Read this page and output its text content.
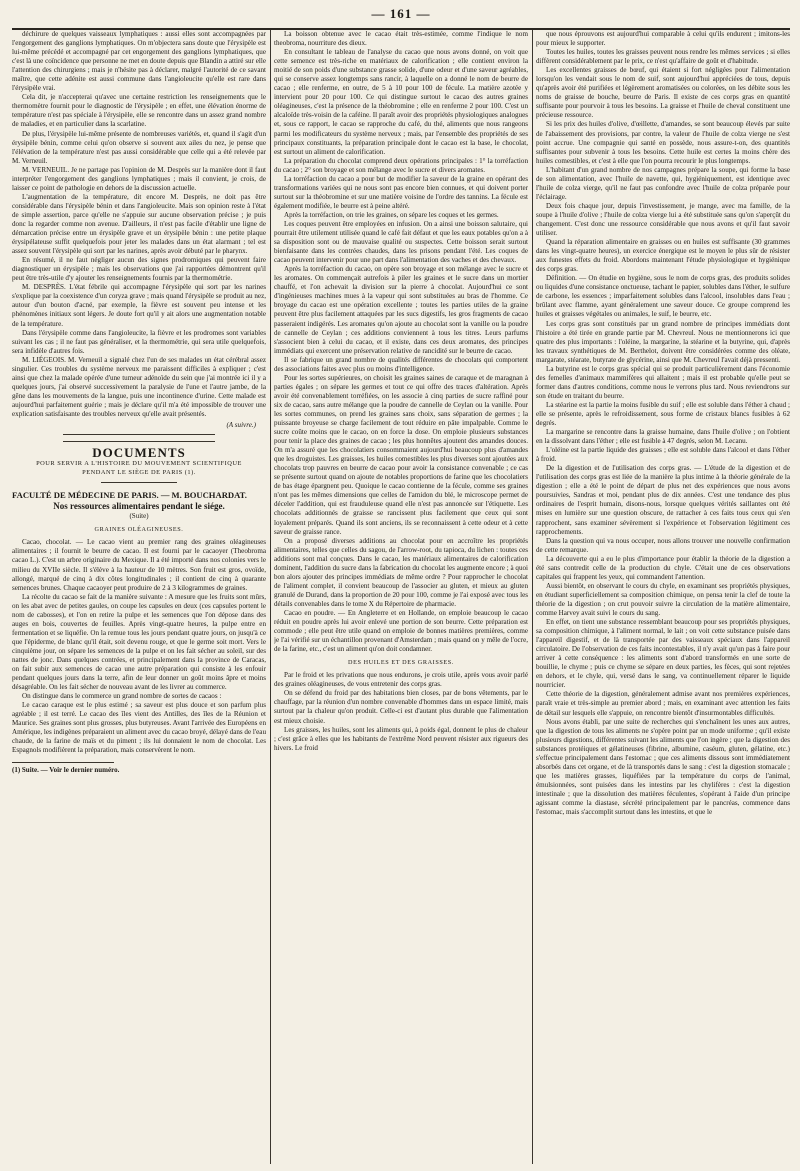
— 161 —

déchirure de quelques vaisseaux lymphatiques : aussi elles sont accompagnées par l'engorgement des ganglions lymphatiques. On m'objectera sans doute que l'érysipèle est lui-même précédé et accompagné par cet engorgement des ganglions lymphatiques, que c'est là une coïncidence que personne ne met en doute depuis que Blandin a attiré sur elle l'attention des chirurgiens ; mais je n'hésite pas à déclarer, malgré l'autorité de ce savant maître, que cette adénite est aussi commune dans l'angioleucite qu'elle est rare dans l'érysipèle vrai.

Cela dit, je n'accepterai qu'avec une certaine restriction les renseignements que le thermomètre fournit pour le diagnostic de l'érysipèle ; en effet, une élévation énorme de température n'est pas spéciale à l'érysipèle, elle se rencontre dans un assez grand nombre de maladies, et en particulier dans la scarlatine.

De plus, l'érysipèle lui-même présente de nombreuses variétés, et, quand il s'agit d'un érysipèle bénin, comme celui qu'on observe si souvent aux ailes du nez, je pense que l'élévation de la température n'est pas aussi considérable que celle qui a été relevée par M. Verneuil.

M. VERNEUIL. Je ne partage pas l'opinion de M. Desprès sur la manière dont il faut interpréter l'engorgement des ganglions lymphatiques ; mais il convient, je crois, de laisser ce point de pathologie en dehors de la discussion actuelle.

L'augmentation de la température, dit encore M. Desprès, ne doit pas être considérable dans l'érysipèle bénin et dans l'angioleucite. Mais son opinion reste à l'état de simple assertion, parce qu'elle ne s'appuie sur aucune observation précise ; je puis donc la regarder comme non avenue. D'ailleurs, il n'est pas facile d'établir une ligne de démarcation précise entre un érysipèle grave et un érysipèle bénin : une petite plaque érysipélateuse suffit quelquefois pour jeter les malades dans un état alarmant ; tel est assez souvent l'érysipèle qui sort par les narines, après avoir débuté par le pharynx.

En résumé, il ne faut négliger aucun des signes prodromiques qui peuvent faire diagnostiquer un érysipèle ; mais les observations que j'ai rapportées démontrent qu'il peut être très-utile d'y ajouter les renseignements fournis par la thermométrie.

M. DESPRÈS. L'état fébrile qui accompagne l'érysipèle qui sort par les narines s'explique par la coexistence d'un coryza grave ; mais quand l'érysipèle se produit au nez, autour d'un bouton d'acné, par exemple, la fièvre est souvent peu intense et les phénomènes initiaux sont légers. Je doute fort qu'il y ait alors une augmentation notable de la température.

Dans l'érysipèle comme dans l'angioleucite, la fièvre et les prodromes sont variables suivant les cas ; il ne faut pas généraliser, et la thermométrie, qui sera utile quelquefois, sera infidèle d'autres fois.

M. LIÉGEOIS. M. Verneuil a signalé chez l'un de ses malades un état cérébral assez singulier. Ces troubles du système nerveux me paraissent difficiles à expliquer ; c'est ainsi que chez la malade opérée d'une tumeur adénoïde du sein que j'ai montrée ici il y a quelques jours, j'ai observé successivement la paralysie de l'une et l'autre jambe, de la gêne dans les mouvements de la langue, puis une incontinence d'urine. Cette malade est aujourd'hui parfaitement guérie ; mais je déclare qu'il m'a été impossible de trouver une explication satisfaisante des troubles nerveux qu'elle avait présentés.

(A suivre.)
DOCUMENTS
POUR SERVIR A L'HISTOIRE DU MOUVEMENT SCIENTIFIQUE
PENDANT LE SIÈGE DE PARIS (1).

FACULTÉ DE MÉDECINE DE PARIS. — M. BOUCHARDAT.

Nos ressources alimentaires pendant le siége.
(Suite)
GRAINES OLÉAGINEUSES.

Cacao, chocolat. — Le cacao vient au premier rang des graines oléagineuses alimentaires ; il fournit le beurre de cacao. Il est fourni par le cacaoyer (Theobroma cacao L.). C'est un arbre originaire du Mexique. Il a été importé dans nos colonies vers le milieu du XVIIe siècle. Il s'élève à la hauteur de 10 mètres. Son fruit est gros, ovoïde, allongé, marqué de cinq à dix côtes longitudinales ; il contient de cinq à quarante semences brunes. Chaque cacaoyer peut produire de 2 à 3 kilogrammes de graines.

La récolte du cacao se fait de la manière suivante : A mesure que les fruits sont mûrs, on les abat avec de petites gaules, on coupe les capsules en deux (ces capsules portent le nom de cabosses), et l'on en retire la pulpe et les semences que l'on dépose dans des auges en bois, couvertes de feuilles. Après vingt-quatre heures, la pulpe entre en fermentation et se liquéfie. On la remue tous les jours pendant quatre jours, on jusqu'à ce que l'épiderme, de blanc qu'il était, soit devenu rouge, et que le germe soit mort. Vers le cinquième jour, on sépare les semences de la pulpe et on les fait sécher au soleil, sur des nattes de jonc. Dans quelques contrées, et principalement dans la province de Caracas, on fait subir aux semences de cacao une autre préparation qui consiste à les enfouir pendant quelques jours dans la terre, afin de leur donner un goût moins âpre et moins désagréable. On les fait sécher de nouveau avant de les livrer au commerce.

On distingue dans le commerce un grand nombre de sortes de cacaos :

Le cacao caraque est le plus estimé ; sa saveur est plus douce et son parfum plus agréable ; il est terré. Le cacao des îles vient des Antilles, des îles de la Réunion et Maurice. Ses graines sont plus grosses, plus butyreuses. Avant l'arrivée des Européens en Amérique, les indigènes préparaient un aliment avec du cacao broyé, délayé dans de l'eau chaude, de la farine de maïs et du piment ; ils lui donnaient le nom de chocolat. Les Espagnols modifièrent la préparation, mais conservèrent le nom.

(1) Suite. — Voir le dernier numéro.

La boisson obtenue avec le cacao était très-estimée, comme l'indique le nom theobroma, nourriture des dieux.

En consultant le tableau de l'analyse du cacao que nous avons donné, on voit que cette semence est très-riche en matériaux de calorification ; elle contient environ la moitié de son poids d'une substance grasse solide, d'une odeur et d'une saveur agréables, qui se conserve assez longtemps sans rancir, à laquelle on a donné le nom de beurre de cacao ; elle renferme, en outre, de 5 à 10 pour 100 de fécule. La matière azotée y intervient pour 20 pour 100. Ce qui distingue surtout le cacao des autres graines oléagineuses, c'est la présence de la théobromine ; elle en renferme 2 pour 100. C'est un alcaloïde très-voisin de la caféine. Il paraît avoir des propriétés physiologiques analogues et, sous ce rapport, le cacao se rapproche du café, du thé, aliments que nous rangeons parmi les modificateurs du système nerveux ; mais, par l'ensemble des propriétés de ses principaux constituants, la préparation principale dont le cacao est la base, le chocolat, est surtout un aliment de calorification.

La préparation du chocolat comprend deux opérations principales : 1° la torréfaction du cacao ; 2° son broyage et son mélange avec le sucre et divers aromates.

La torréfaction du cacao a pour but de modifier la saveur de la graine en opérant des transformations variées qui ne nous sont pas encore bien connues, et qui doivent porter surtout sur la théobromine et sur une matière voisine de l'ordre des tannins. La fécule est également modifiée, le beurre est à peine altéré.

Après la torréfaction, on trie les graines, on sépare les coques et les germes.

Les coques peuvent être employées en infusion. On a ainsi une boisson salutaire, qui pourrait être utilement utilisée quand le café fait défaut et que les eaux potables qu'on a à sa disposition sont ou de mauvaise qualité ou suspectes. Cette boisson serait surtout bienfaisante dans les contrées chaudes, dans les prisons pendant l'été. Les coques de cacao peuvent intervenir pour une part dans l'alimentation des vaches et des chevaux.

Après la torréfaction du cacao, on opère son broyage et son mélange avec le sucre et les aromates. On commençait autrefois à piler les graines et le sucre dans un mortier chauffé, et l'on achevait la division sur la pierre à chocolat. Aujourd'hui ce sont d'ingénieuses machines mues à la vapeur qui sont substituées au bras de l'homme. Ce broyage du cacao est une opération excellente ; toutes les parties utiles de la graine peuvent être plus facilement attaquées par les sucs digestifs, les gros fragments de cacao passeraient indigérés. Les aromates qu'on ajoute au chocolat sont la vanille ou la poudre de cannelle de Ceylan ; ces additions conviennent à tous les titres. Leurs parfums s'associent bien à celui du cacao, et il existe, dans ces deux aromates, des principes immédiats qui exercent une préservation relative de rancidité sur le beurre de cacao.

Il se fabrique un grand nombre de qualités différentes de chocolats qui comportent des associations faites avec plus ou moins d'intelligence.

Pour les sortes supérieures, on choisit les graines saines de caraque et de maragnan à parties égales ; on sépare les germes et tout ce qui offre des traces d'altération. Après avoir été convenablement torréfiées, on les associe à cinq parties de sucre raffiné pour six de cacao, sans autre mélange que la poudre de cannelle de Ceylan ou la vanille. Pour les sortes communes, on prend les graines sans choix, sans séparation de germes ; la puissante broyeuse se charge facilement de tout réduire en pâte impalpable. Comme le sucre coûte moins que le cacao, on en force la dose. On emploie plusieurs substances pour tenir la place des graines de cacao ; les plus honnêtes ajoutent des amandes douces. On m'a assuré que les chocolatiers consommaient aujourd'hui beaucoup plus d'amandes que les droguistes. Les graisses, les huiles comestibles les plus diverses sont ajoutées aux chocolats trop pauvres en beurre de cacao pour avoir la consistance convenable ; ce cas se présente surtout quand on ajoute de notables proportions de farine que les chocolatiers de bas étage épargnent peu. Quoique le cacao contienne de la fécule, comme ses graines n'ont pas les mêmes dimensions que celles de l'amidon du blé, le microscope permet de déceler l'addition, qui est frauduleuse quand elle n'est pas annoncée sur l'étiquette. Les chocolats additionnés de graisse se rancissent plus facilement que ceux qui sont loyalement préparés. Quand ils sont anciens, ils se reconnaissent à cette odeur et à cette saveur de graisse rance.

On a proposé diverses additions au chocolat pour en accroître les propriétés alimentaires, telles que celles du sagou, de l'arrow-root, du tapioca, du lichen : toutes ces additions sont mal conçues. Dans le cacao, les matériaux alimentaires de calorification dominent, l'addition du sucre dans la fabrication du chocolat les augmente encore ; à quoi bon alors ajouter des principes immédiats de même ordre ? Pour rapprocher le chocolat de l'aliment complet, il convient beaucoup de l'associer au gluten, et mieux au gluten granulé de Durand, dans la proportion de 20 pour 100, comme je l'ai exposé avec tous les détails convenables dans le tome X du Répertoire de pharmacie.

Cacao en poudre. — En Angleterre et en Hollande, on emploie beaucoup le cacao réduit en poudre après lui avoir enlevé une portion de son beurre. Cette préparation est commode ; elle peut être utile quand on emploie de bonnes matières premières, comme je l'ai vérifié sur un échantillon provenant d'Amsterdam ; mais quand on y mêle de l'ocre, de la farine, etc., c'est un aliment qu'on doit condamner.

DES HUILES ET DES GRAISSES.

Par le froid et les privations que nous endurons, je crois utile, après vous avoir parlé des graines oléagineuses, de vous entretenir des corps gras.

On se défend du froid par des habitations bien closes, par de bons vêtements, par le chauffage, par la réunion d'un nombre convenable d'hommes dans un espace limité, mais surtout par la chaleur qu'on produit. Celle-ci est d'autant plus durable que l'alimentation est mieux choisie.

Les graisses, les huiles, sont les aliments qui, à poids égal, donnent le plus de chaleur ; c'est grâce à elles que les habitants de l'extrême Nord peuvent résister aux rigueurs des hivers. Le froid

que nous éprouvons est aujourd'hui comparable à celui qu'ils endurent ; imitons-les pour mieux le supporter.

Toutes les huiles, toutes les graisses peuvent nous rendre les mêmes services ; si elles diffèrent considérablement par le prix, ce n'est qu'affaire de goût et d'habitude.

Les excellentes graisses de bœuf, qui étaient si fort négligées pour l'alimentation lorsqu'on les vendait sous le nom de suif, sont aujourd'hui appréciées de tous, depuis qu'après avoir été purifiées et légèrement aromatisées ou colorées, on les débite sous les noms de graisse de bouche, beurre de Paris. Il existe de ces corps gras en quantité suffisante pour pourvoir à tous les besoins. La graisse et l'huile de cheval constituent une précieuse ressource.

Si les prix des huiles d'olive, d'œillette, d'amandes, se sont beaucoup élevés par suite de l'abaissement des provisions, par contre, la valeur de l'huile de colza vierge ne s'est point accrue. Une compagnie qui santé en possède, nous assure-t-on, des quantités suffisantes pour subvenir à tous les besoins. Cette huile est certes la moins chère des huiles comestibles, et c'est à elle que l'on pourra recourir le plus longtemps.

L'habitant d'un grand nombre de nos campagnes prépare la soupe, qui forme la base de son alimentation, avec l'huile de navette, qui, hygiéniquement, est identique avec l'huile de colza vierge, qu'il ne faut pas confondre avec l'huile de colza préparée pour l'éclairage.

Deux fois chaque jour, depuis l'investissement, je mange, avec ma famille, de la soupe à l'huile d'olive ; l'huile de colza vierge lui a été substituée sans qu'on s'aperçût du changement. C'est donc une ressource considérable que nous avons et qu'il faut savoir utiliser.

Quand la réparation alimentaire en graisses ou en huiles est suffisante (30 grammes dans les vingt-quatre heures), un exercice énergique est le moyen le plus sûr de résister aux funestes effets du froid. Abordons maintenant l'étude physiologique et hygiénique des corps gras.

Définition. — On étudie en hygiène, sous le nom de corps gras, des produits solides ou liquides d'une consistance onctueuse, tachant le papier, solubles dans l'éther, le sulfure de carbone, les essences ; imparfaitement solubles dans l'alcool, insolubles dans l'eau ; brûlant avec flamme, ayant généralement une saveur douce. Ce groupe comprend les huiles et graisses végétales ou animales, le suif, le beurre, etc.

Les corps gras sont constitués par un grand nombre de principes immédiats dont l'histoire a été tirée en grande partie par M. Chevreul. Nous ne mentionnerons ici que quatre des plus importants : l'oléine, la margarine, la stéarine et la butyrine, qui, d'après les travaux synthétiques de M. Berthelot, doivent être considérées comme des oléate, margarate, stéarate, butyrate de glycérine, ainsi que M. Chevreul l'avait déjà pressenti.

La butyrine est le corps gras spécial qui se produit particulièrement dans l'économie des femelles d'animaux mammifères qui allaitent ; mais il est probable qu'elle peut se former dans d'autres conditions, comme nous le verrons plus tard. Nous reviendrons sur son étude en traitant du beurre.

La stéarine est la partie la moins fusible du suif ; elle est soluble dans l'éther à chaud ; elle se présente, après le refroidissement, sous forme de cristaux blancs fusibles à 62 degrés.

La margarine se rencontre dans la graisse humaine, dans l'huile d'olive ; on l'obtient en la dissolvant dans l'éther ; elle est fusible à 47 degrés, selon M. Lecanu.

L'oléine est la partie liquide des graisses ; elle est soluble dans l'alcool et dans l'éther à froid.

De la digestion et de l'utilisation des corps gras. — L'étude de la digestion et de l'utilisation des corps gras est liée de la manière la plus intime à la théorie générale de la digestion ; elle a été le point de départ de plus net des expériences que nous avons poursuivies, Sandras et moi, pendant plus de dix années. C'est une tendance des plus ordinaires de l'esprit humain, disons-nous, lorsque quelques vérités saillantes ont été mises en lumière sur une question obscure, de rattacher à ces faits tous ceux qui s'en rapprochent, sans examiner sévèrement si l'expérience et l'observation légitiment ces rapprochements.

Dans la question qui va nous occuper, nous allons trouver une nouvelle confirmation de cette remarque.

La découverte qui a eu le plus d'importance pour établir la théorie de la digestion a été sans contredit celle de la production du chyle. C'était une de ces observations capitales qui frappent les yeux, qui commandent l'attention.

Aussi bientôt, en observant le cours du chyle, en examinant ses propriétés physiques, en étudiant superficiellement sa composition chimique, on pensa tenir la clef de toute la théorie de la digestion ; on crut pouvoir suivre la circulation de la matière alimentaire, comme Harvey avait suivi le cours du sang.

En effet, on tient une substance ressemblant beaucoup pour ses propriétés physiques, sa composition chimique, à l'aliment normal, le lait ; on voit cette substance puisée dans l'appareil digestif, et de là transportée par des vaisseaux spéciaux dans l'appareil circulatoire. De l'observation de ces faits incontestables, il n'y avait qu'un pas à faire pour arriver à cette conséquence : les aliments sont d'abord transformés en une sorte de bouillie, le chyme ; puis ce chyme se sépare en deux parties, les fèces, qui sont rejetées en dehors, et le chyle, qui, versé dans le sang, va continuellement réparer le liquide nourricier.

Cette théorie de la digestion, généralement admise avant nos premières expériences, paraît vraie et très-simple au premier abord ; mais, en examinant avec attention les faits de détail sur lesquels elle s'appuie, on rencontre bientôt d'insurmontables difficultés.

Nous avons établi, par une suite de recherches qui s'enchaînent les unes aux autres, que la digestion de tous les aliments ne s'opère point par un mode uniforme ; qu'il existe plusieurs digestions, différentes suivant les aliments que l'on ingère ; que la digestion des substances protéiques et gélatineuses (fibrine, albumine, caséum, gluten, gélatine, etc.) s'effectue principalement dans l'estomac ; que ces aliments dissous sont immédiatement absorbés dans cet organe, et de là transportés dans le sang : c'est la digestion stomacale ; que les matières grasses, liquéfiées par la température du corps de l'animal, émulsionnées, sont puisées dans les intestins par les chylifères : c'est la digestion intestinale ; que la dissolution des matières féculentes, s'opérant à l'aide d'un principe agissant comme la diastase, sécrété principalement par le pancréas, commence dans l'estomac, mais s'accomplit surtout dans les intestins, et que le
